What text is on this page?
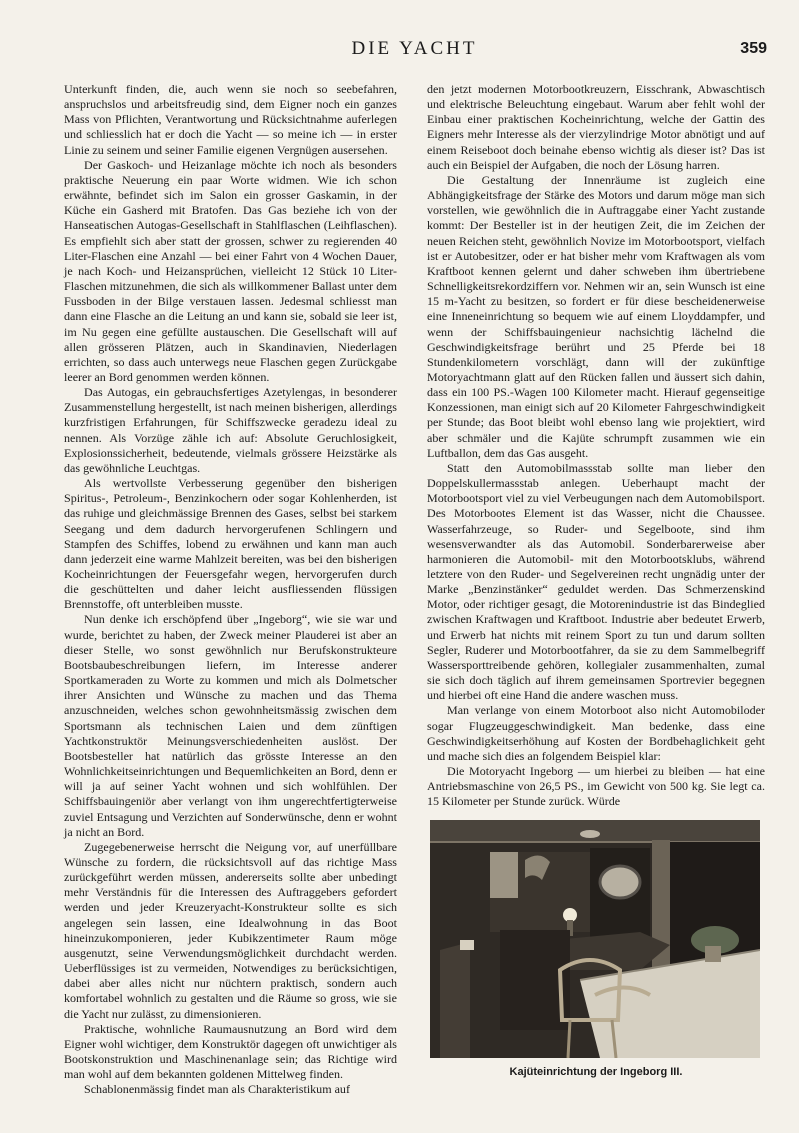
DIE YACHT	359

Unterkunft finden, die, auch wenn sie noch so seebefahren, anspruchslos und arbeitsfreudig sind, dem Eigner noch ein ganzes Mass von Pflichten, Verantwortung und Rücksichtnahme auferlegen und schliesslich hat er doch die Yacht — so meine ich — in erster Linie zu seinem und seiner Familie eigenen Vergnügen ausersehen.

Der Gaskoch- und Heizanlage möchte ich noch als besonders praktische Neuerung ein paar Worte widmen. Wie ich schon erwähnte, befindet sich im Salon ein grosser Gaskamin, in der Küche ein Gasherd mit Bratofen. Das Gas beziehe ich von der Hanseatischen Autogas-Gesellschaft in Stahlflaschen (Leihflaschen). Es empfiehlt sich aber statt der grossen, schwer zu regierenden 40 Liter-Flaschen eine Anzahl — bei einer Fahrt von 4 Wochen Dauer, je nach Koch- und Heizansprüchen, vielleicht 12 Stück 10 Liter-Flaschen mitzunehmen, die sich als willkommener Ballast unter dem Fussboden in der Bilge verstauen lassen. Jedesmal schliesst man dann eine Flasche an die Leitung an und kann sie, sobald sie leer ist, im Nu gegen eine gefüllte austauschen. Die Gesellschaft will auf allen grösseren Plätzen, auch in Skandinavien, Niederlagen errichten, so dass auch unterwegs neue Flaschen gegen Zurückgabe leerer an Bord genommen werden können.

Das Autogas, ein gebrauchsfertiges Azetylengas, in besonderer Zusammenstellung hergestellt, ist nach meinen bisherigen, allerdings kurzfristigen Erfahrungen, für Schiffszwecke geradezu ideal zu nennen. Als Vorzüge zähle ich auf: Absolute Geruchlosigkeit, Explosionssicherheit, bedeutende, vielmals grössere Heizstärke als das gewöhnliche Leuchtgas.

Als wertvollste Verbesserung gegenüber den bisherigen Spiritus-, Petroleum-, Benzinkochern oder sogar Kohlenherden, ist das ruhige und gleichmässige Brennen des Gases, selbst bei starkem Seegang und dem dadurch hervorgerufenen Schlingern und Stampfen des Schiffes, lobend zu erwähnen und kann man auch dann jederzeit eine warme Mahlzeit bereiten, was bei den bisherigen Kocheinrichtungen der Feuersgefahr wegen, hervorgerufen durch die geschüttelten und daher leicht ausfliessenden flüssigen Brennstoffe, oft unterbleiben musste.

Nun denke ich erschöpfend über „Ingeborg“, wie sie war und wurde, berichtet zu haben, der Zweck meiner Plauderei ist aber an dieser Stelle, wo sonst gewöhnlich nur Berufskonstrukteure Bootsbaubeschreibungen liefern, im Interesse anderer Sportkameraden zu Worte zu kommen und mich als Dolmetscher ihrer Ansichten und Wünsche zu machen und das Thema anzuschneiden, welches schon gewohnheitsmässig zwischen dem Sportsmann als technischen Laien und dem zünftigen Yachtkonstruktör Meinungsverschiedenheiten auslöst. Der Bootsbesteller hat natürlich das grösste Interesse an den Wohnlichkeitseinrichtungen und Bequemlichkeiten an Bord, denn er will ja auf seiner Yacht wohnen und sich wohlfühlen. Der Schiffsbauingeniör aber verlangt von ihm ungerechtfertigterweise zuviel Entsagung und Verzichten auf Sonderwünsche, denn er wohnt ja nicht an Bord.

Zugegebenerweise herrscht die Neigung vor, auf unerfüllbare Wünsche zu fordern, die rücksichtsvoll auf das richtige Mass zurückgeführt werden müssen, andererseits sollte aber unbedingt mehr Verständnis für die Interessen des Auftraggebers gefordert werden und jeder Kreuzeryacht-Konstrukteur sollte es sich angelegen sein lassen, eine Idealwohnung in das Boot hineinzukomponieren, jeder Kubikzentimeter Raum möge ausgenutzt, seine Verwendungsmöglichkeit durchdacht werden. Ueberflüssiges ist zu vermeiden, Notwendiges zu berücksichtigen, dabei aber alles nicht nur nüchtern praktisch, sondern auch komfortabel wohnlich zu gestalten und die Räume so gross, wie sie die Yacht nur zulässt, zu dimensionieren.

Praktische, wohnliche Raumausnutzung an Bord wird dem Eigner wohl wichtiger, dem Konstruktör dagegen oft unwichtiger als Bootskonstruktion und Maschinenanlage sein; das Richtige wird man wohl auf dem bekannten goldenen Mittelweg finden.

Schablonenmässig findet man als Charakteristikum auf

den jetzt modernen Motorbootkreuzern, Eisschrank, Abwaschtisch und elektrische Beleuchtung eingebaut. Warum aber fehlt wohl der Einbau einer praktischen Kocheinrichtung, welche der Gattin des Eigners mehr Interesse als der vierzylindrige Motor abnötigt und auf einem Reiseboot doch beinahe ebenso wichtig als dieser ist? Das ist auch ein Beispiel der Aufgaben, die noch der Lösung harren.

Die Gestaltung der Innenräume ist zugleich eine Abhängigkeitsfrage der Stärke des Motors und darum möge man sich vorstellen, wie gewöhnlich die in Auftraggabe einer Yacht zustande kommt: Der Besteller ist in der heutigen Zeit, die im Zeichen der neuen Reichen steht, gewöhnlich Novize im Motorbootsport, vielfach ist er Autobesitzer, oder er hat bisher mehr vom Kraftwagen als vom Kraftboot kennen gelernt und daher schweben ihm übertriebene Schnelligkeitsrekordziffern vor. Nehmen wir an, sein Wunsch ist eine 15 m-Yacht zu besitzen, so fordert er für diese bescheidenerweise eine Inneneinrichtung so bequem wie auf einem Lloyddampfer, und wenn der Schiffsbauingenieur nachsichtig lächelnd die Geschwindigkeitsfrage berührt und 25 Pferde bei 18 Stundenkilometern vorschlägt, dann will der zukünftige Motoryachtmann glatt auf den Rücken fallen und äussert sich dahin, dass ein 100 PS.-Wagen 100 Kilometer macht. Hierauf gegenseitige Konzessionen, man einigt sich auf 20 Kilometer Fahrgeschwindigkeit per Stunde; das Boot bleibt wohl ebenso lang wie projektiert, wird aber schmäler und die Kajüte schrumpft zusammen wie ein Luftballon, dem das Gas ausgeht.

Statt den Automobilmassstab sollte man lieber den Doppelskullermassstab anlegen. Ueberhaupt macht der Motorbootsport viel zu viel Verbeugungen nach dem Automobilsport. Des Motorbootes Element ist das Wasser, nicht die Chaussee. Wasserfahrzeuge, so Ruder- und Segelboote, sind ihm wesensverwandter als das Automobil. Sonderbarerweise aber harmonieren die Automobil- mit den Motorbootsklubs, während letztere von den Ruder- und Segelvereinen recht ungnädig unter der Marke „Benzinstänker“ geduldet werden. Das Schmerzenskind Motor, oder richtiger gesagt, die Motorenindustrie ist das Bindeglied zwischen Kraftwagen und Kraftboot. Industrie aber bedeutet Erwerb, und Erwerb hat nichts mit reinem Sport zu tun und darum sollten Segler, Ruderer und Motorbootfahrer, da sie zu dem Sammelbegriff Wassersporttreibende gehören, kollegialer zusammenhalten, zumal sie sich doch täglich auf ihrem gemeinsamen Sportrevier begegnen und hierbei oft eine Hand die andere waschen muss.

Man verlange von einem Motorboot also nicht Automobiloder sogar Flugzeuggeschwindigkeit. Man bedenke, dass eine Geschwindigkeitserhöhung auf Kosten der Bordbehaglichkeit geht und mache sich dies an folgendem Beispiel klar:

Die Motoryacht Ingeborg — um hierbei zu bleiben — hat eine Antriebsmaschine von 26,5 PS., im Gewicht von 500 kg. Sie legt ca. 15 Kilometer per Stunde zurück. Würde

Kajüteinrichtung der Ingeborg III.
